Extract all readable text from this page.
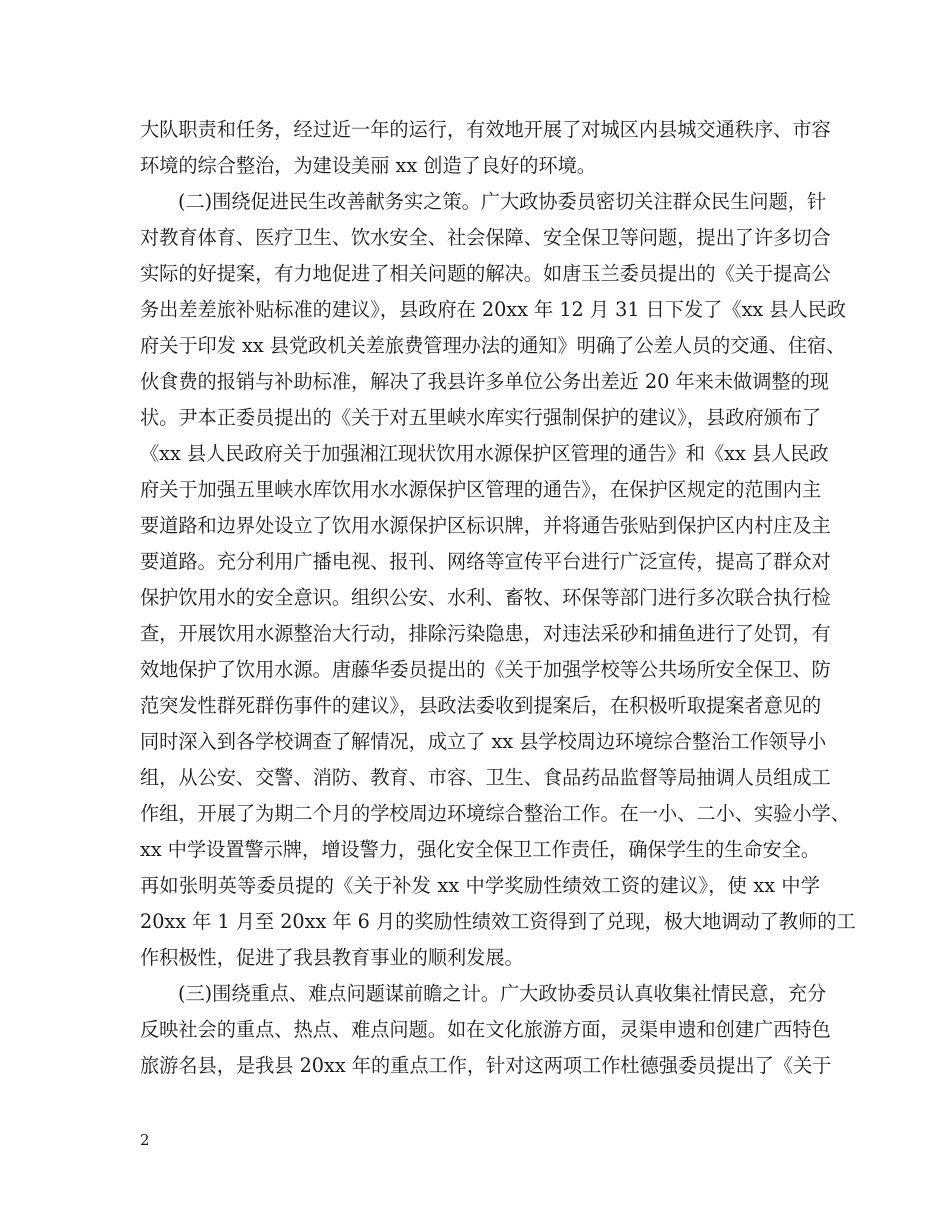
大队职责和任务，经过近一年的运行，有效地开展了对城区内县城交通秩序、市容
环境的综合整治，为建设美丽 xx 创造了良好的环境。
(二)围绕促进民生改善献务实之策。广大政协委员密切关注群众民生问题，针
对教育体育、医疗卫生、饮水安全、社会保障、安全保卫等问题，提出了许多切合
实际的好提案，有力地促进了相关问题的解决。如唐玉兰委员提出的《关于提高公
务出差差旅补贴标准的建议》，县政府在 20xx 年 12 月 31 日下发了《xx 县人民政
府关于印发 xx 县党政机关差旅费管理办法的通知》明确了公差人员的交通、住宿、
伙食费的报销与补助标准，解决了我县许多单位公务出差近 20 年来未做调整的现
状。尹本正委员提出的《关于对五里峡水库实行强制保护的建议》，县政府颁布了
《xx 县人民政府关于加强湘江现状饮用水源保护区管理的通告》和《xx 县人民政
府关于加强五里峡水库饮用水水源保护区管理的通告》，在保护区规定的范围内主
要道路和边界处设立了饮用水源保护区标识牌，并将通告张贴到保护区内村庄及主
要道路。充分利用广播电视、报刊、网络等宣传平台进行广泛宣传，提高了群众对
保护饮用水的安全意识。组织公安、水利、畜牧、环保等部门进行多次联合执行检
查，开展饮用水源整治大行动，排除污染隐患，对违法采砂和捕鱼进行了处罚，有
效地保护了饮用水源。唐藤华委员提出的《关于加强学校等公共场所安全保卫、防
范突发性群死群伤事件的建议》，县政法委收到提案后，在积极听取提案者意见的
同时深入到各学校调查了解情况，成立了 xx 县学校周边环境综合整治工作领导小
组，从公安、交警、消防、教育、市容、卫生、食品药品监督等局抽调人员组成工
作组，开展了为期二个月的学校周边环境综合整治工作。在一小、二小、实验小学、
xx 中学设置警示牌，增设警力，强化安全保卫工作责任，确保学生的生命安全。
再如张明英等委员提的《关于补发 xx 中学奖励性绩效工资的建议》，使 xx 中学
20xx 年 1 月至 20xx 年 6 月的奖励性绩效工资得到了兑现，极大地调动了教师的工
作积极性，促进了我县教育事业的顺利发展。
(三)围绕重点、难点问题谋前瞻之计。广大政协委员认真收集社情民意，充分
反映社会的重点、热点、难点问题。如在文化旅游方面，灵渠申遗和创建广西特色
旅游名县，是我县 20xx 年的重点工作，针对这两项工作杜德强委员提出了《关于
2
